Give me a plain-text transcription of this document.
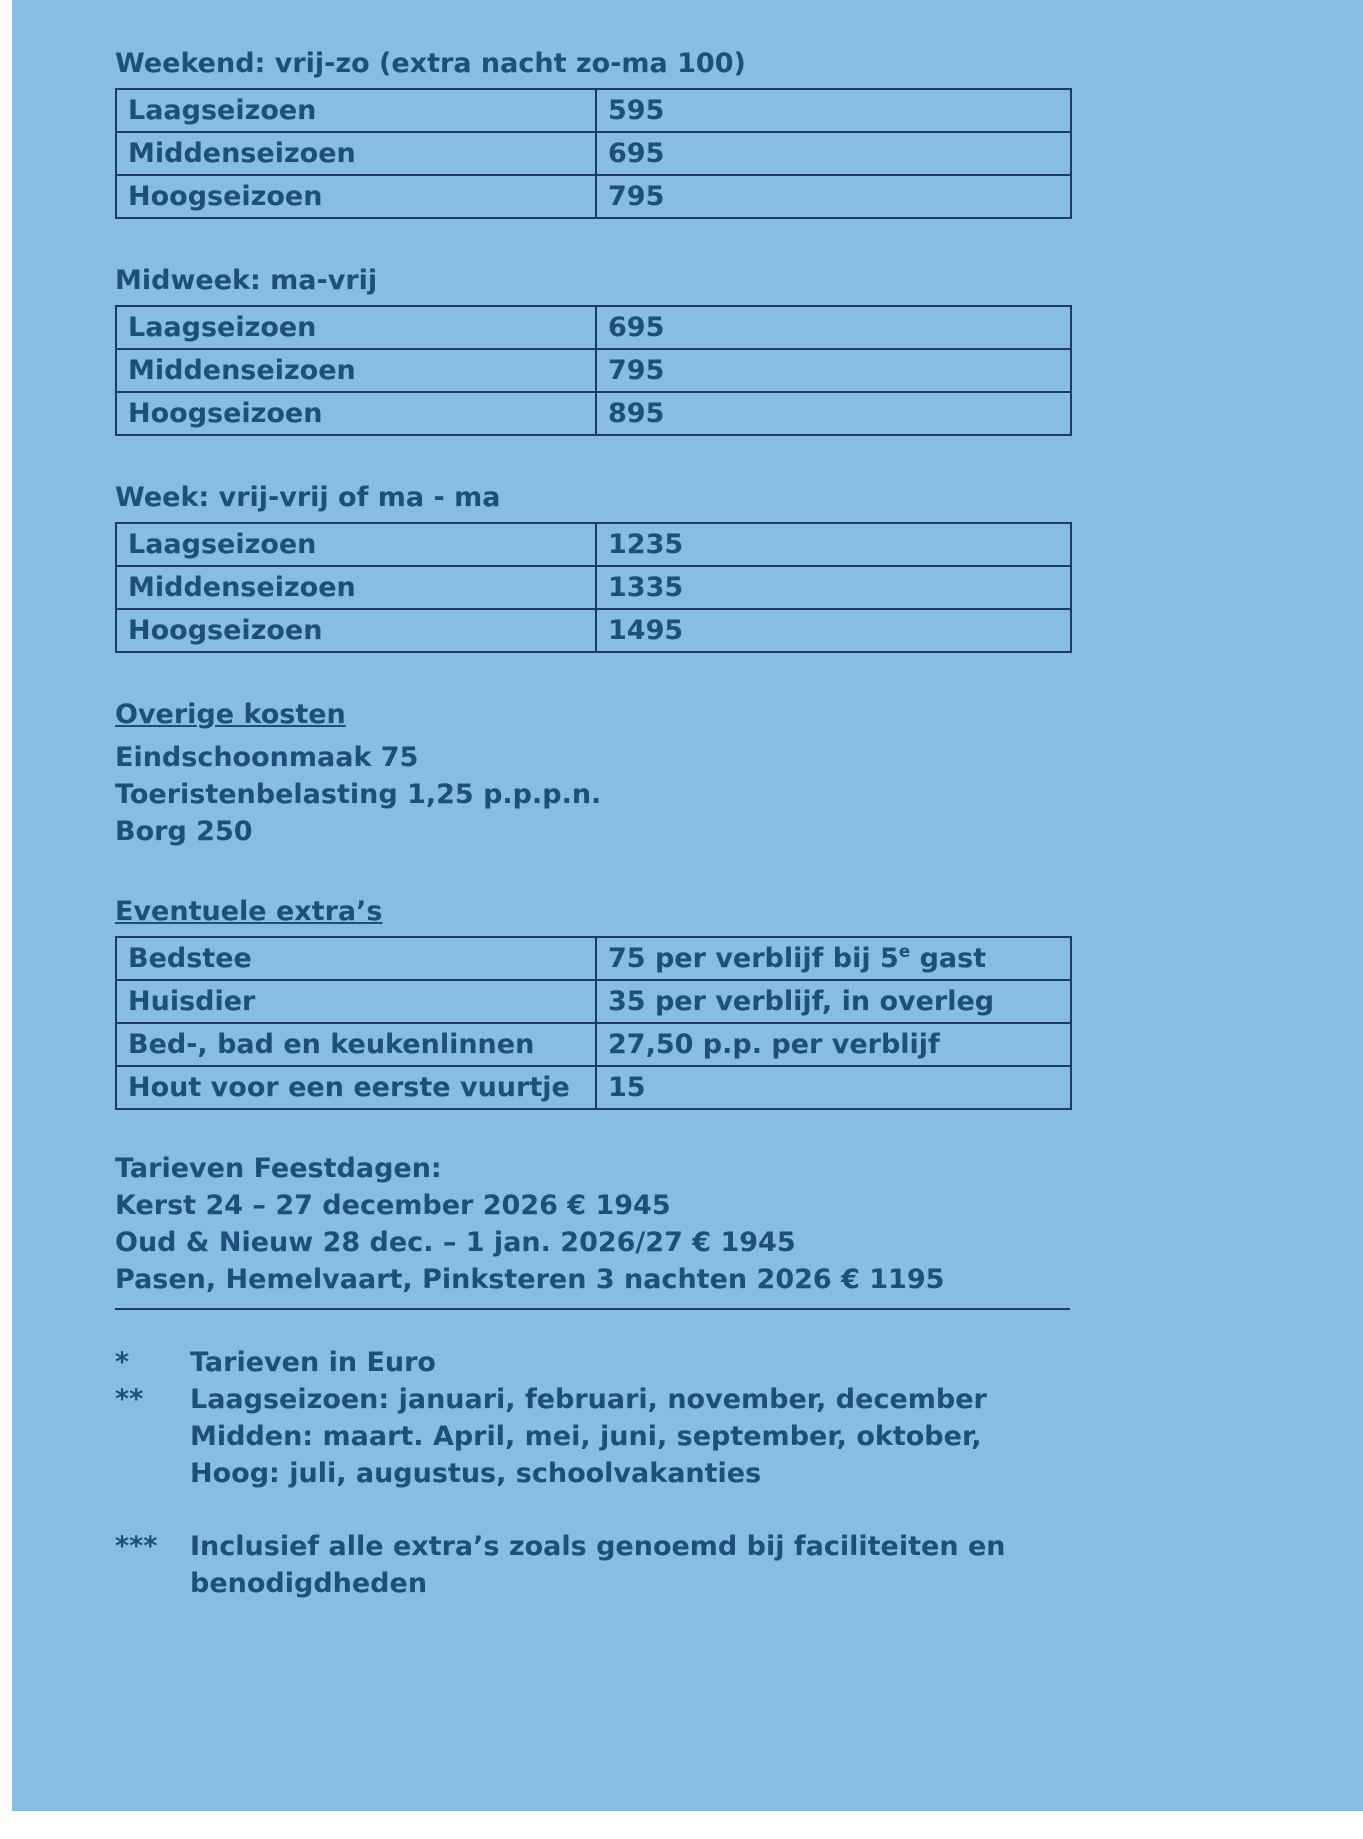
Weekend: vrij-zo (extra nacht zo-ma 100)
Laagseizoen	595
Middenseizoen	695
Hoogseizoen	795
Midweek: ma-vrij
Laagseizoen	695
Middenseizoen	795
Hoogseizoen	895
Week: vrij-vrij of ma - ma
Laagseizoen	1235
Middenseizoen	1335
Hoogseizoen	1495
Overige kosten
Eindschoonmaak 75
Toeristenbelasting 1,25 p.p.p.n.
Borg 250
Eventuele extra’s
Bedstee	75 per verblijf bij 5e gast
Huisdier	35 per verblijf, in overleg
Bed-, bad en keukenlinnen	27,50 p.p. per verblijf
Hout voor een eerste vuurtje	15
Tarieven Feestdagen:
Kerst 24 – 27 december 2026 € 1945
Oud & Nieuw 28 dec. – 1 jan. 2026/27 € 1945
Pasen, Hemelvaart, Pinksteren 3 nachten 2026 € 1195
*	Tarieven in Euro
**	Laagseizoen: januari, februari, november, december
Midden: maart. April, mei, juni, september, oktober,
Hoog: juli, augustus, schoolvakanties
***	Inclusief alle extra’s zoals genoemd bij faciliteiten en benodigdheden
